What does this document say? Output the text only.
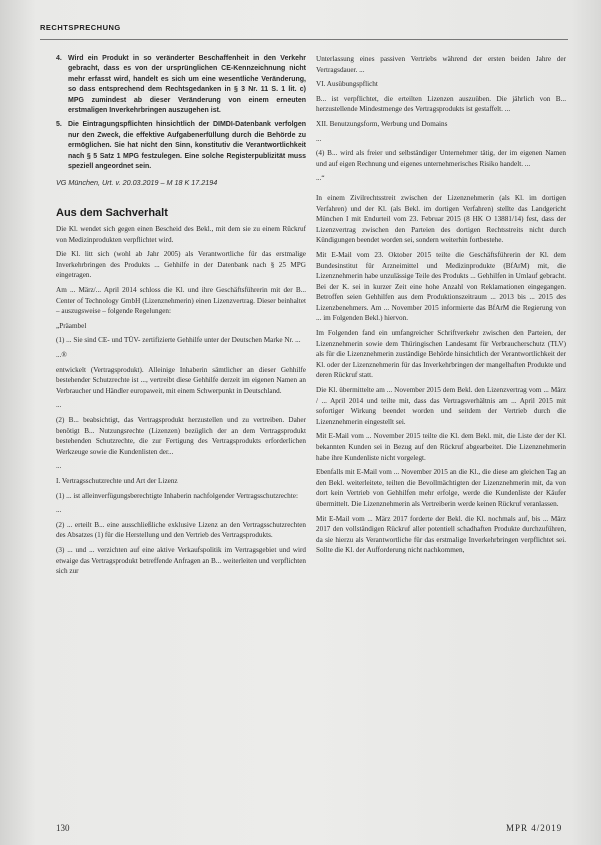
RECHTSPRECHUNG
4. Wird ein Produkt in so veränderter Beschaffenheit in den Verkehr gebracht, dass es von der ursprünglichen CE-Kennzeichnung nicht mehr erfasst wird, handelt es sich um eine wesentliche Veränderung, so dass entsprechend dem Rechtsgedanken in § 3 Nr. 11 S. 1 lit. c) MPG zumindest ab dieser Veränderung von einem erneuten erstmaligen Inverkehrbringen auszugehen ist.
5. Die Eintragungspflichten hinsichtlich der DIMDI-Datenbank verfolgen nur den Zweck, die effektive Aufgabenerfüllung durch die Behörde zu ermöglichen. Sie hat nicht den Sinn, konstitutiv die Verantwortlichkeit nach § 5 Satz 1 MPG festzulegen. Eine solche Registerpublizität muss speziell angeordnet sein.

VG München, Urt. v. 20.03.2019 – M 18 K 17.2194

Aus dem Sachverhalt

Die Kl. wendet sich gegen einen Bescheid des Bekl., mit dem sie zu einem Rückruf von Medizinprodukten verpflichtet wird.

Die Kl. litt sich (wohl ab Jahr 2005) als Verantwortliche für das erstmalige Inverkehrbringen des Produkts ... Gehhilfe in der Datenbank nach § 25 MPG eingetragen.

Am ... März/... April 2014 schloss die Kl. und ihre Geschäftsführerin mit der B... Center of Technology GmbH (Lizenznehmerin) einen Lizenzvertrag. Dieser beinhaltet – auszugsweise – folgende Regelungen:

„Präambel

(1) ... Sie sind CE- und TÜV- zertifizierte Gehhilfe unter der Deutschen Marke Nr. ...

...®

entwickelt (Vertragsprodukt). Alleinige Inhaberin sämtlicher an dieser Gehhilfe bestehender Schutzrechte ist ..., vertreibt diese Gehhilfe derzeit im eigenen Namen an Verbraucher und Händler europaweit, mit einem Schwerpunkt in Deutschland.

...

(2) B... beabsichtigt, das Vertragsprodukt herzustellen und zu vertreiben. Daher benötigt B... Nutzungsrechte (Lizenzen) bezüglich der an dem Vertragsprodukt bestehenden Schutzrechte, die zur Fertigung des Vertragsprodukts erforderlichen Werkzeuge sowie die Kundenlisten der...

...

I. Vertragsschutzrechte und Art der Lizenz

(1) ... ist alleinverfügungsberechtigte Inhaberin nachfolgender Vertragsschutzrechte:

...

(2) ... erteilt B... eine ausschließliche exklusive Lizenz an den Vertragsschutzrechten des Absatzes (1) für die Herstellung und den Vertrieb des Vertragsprodukts.

(3) ... und ... verzichten auf eine aktive Verkaufspolitik im Vertragsgebiet und wird etwaige das Vertragsprodukt betreffende Anfragen an B... weiterleiten und verpflichten sich zur

Unterlassung eines passiven Vertriebs während der ersten beiden Jahre der Vertragsdauer. ...

VI. Ausübungspflicht

B... ist verpflichtet, die erteilten Lizenzen auszuüben. Die jährlich von B... herzustellende Mindestmenge des Vertragsprodukts ist gestaffelt. ...

XII. Benutzungsform, Werbung und Domains

...

(4) B... wird als freier und selbständiger Unternehmer tätig, der im eigenen Namen und auf eigen Rechnung und eigenes unternehmerisches Risiko handelt. ...

...“

In einem Zivilrechtsstreit zwischen der Lizenznehmerin (als Kl. im dortigen Verfahren) und der Kl. (als Bekl. im dortigen Verfahren) stellte das Landgericht München I mit Endurteil vom 23. Februar 2015 (8 HK O 13881/14) fest, dass der Lizenzvertrag zwischen den Parteien des dortigen Rechtsstreits nicht durch Kündigungen beendet worden sei, sondern weiterhin fortbestehe.

Mit E-Mail vom 23. Oktober 2015 teilte die Geschäftsführerin der Kl. dem Bundesinstitut für Arzneimittel und Medizinprodukte (BfArM) mit, die Lizenznehmerin habe unzulässige Teile des Produkts ... Gehhilfen in Umlauf gebracht. Bei der K. sei in kurzer Zeit eine hohe Anzahl von Reklamationen eingegangen. Betroffen seien Gehhilfen aus dem Produktionszeitraum ... 2013 bis ... 2015 des Lizenzbenehmers. Am ... November 2015 informierte das BfArM die Regierung von ... im Folgenden Bekl.) hiervon.

Im Folgenden fand ein umfangreicher Schriftverkehr zwischen den Parteien, der Lizenznehmerin sowie dem Thüringischen Landesamt für Verbraucherschutz (TLV) als für die Lizenznehmerin zuständige Behörde hinsichtlich der Verantwortlichkeit der Kl. oder der Lizenznehmerin für das Inverkehrbringen der mangelhaften Produkte und deren Rückruf statt.

Die Kl. übermittelte am ... November 2015 dem Bekl. den Lizenzvertrag vom ... März / ... April 2014 und teilte mit, dass das Vertragsverhältnis am ... April 2015 mit sofortiger Wirkung beendet worden und seitdem der Vertrieb durch die Lizenznehmerin eingestellt sei.

Mit E-Mail vom ... November 2015 teilte die Kl. dem Bekl. mit, die Liste der der Kl. bekannten Kunden sei in Bezug auf den Rückruf abgearbeitet. Die Lizenznehmerin habe ihre Kundenliste nicht vorgelegt.

Ebenfalls mit E-Mail vom ... November 2015 an die Kl., die diese am gleichen Tag an den Bekl. weiterleitete, teilten die Bevollmächtigten der Lizenznehmerin mit, da von dort kein Vertrieb von Gehhilfen mehr erfolge, werde die Kundenliste der Käufer übermittelt. Die Lizenznehmerin als Vertreiberin werde keinen Rückruf veranlassen.

Mit E-Mail vom ... März 2017 forderte der Bekl. die Kl. nochmals auf, bis ... März 2017 den vollständigen Rückruf aller potentiell schadhaften Produkte durchzuführen, da sie hierzu als Verantwortliche für das erstmalige Inverkehrbringen verpflichtet sei. Sollte die Kl. der Aufforderung nicht nachkommen,

130	MPR 4/2019
